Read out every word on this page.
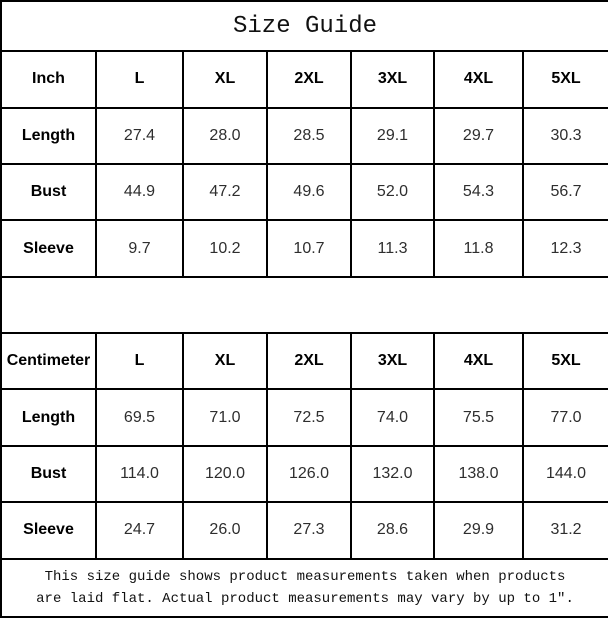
Size Guide						
Inch	L	XL	2XL	3XL	4XL	5XL
Length	27.4	28.0	28.5	29.1	29.7	30.3
Bust	44.9	47.2	49.6	52.0	54.3	56.7
Sleeve	9.7	10.2	10.7	11.3	11.8	12.3

Centimeter	L	XL	2XL	3XL	4XL	5XL
Length	69.5	71.0	72.5	74.0	75.5	77.0
Bust	114.0	120.0	126.0	132.0	138.0	144.0
Sleeve	24.7	26.0	27.3	28.6	29.9	31.2

This size guide shows product measurements taken when products
are laid flat. Actual product measurements may vary by up to 1″.						
